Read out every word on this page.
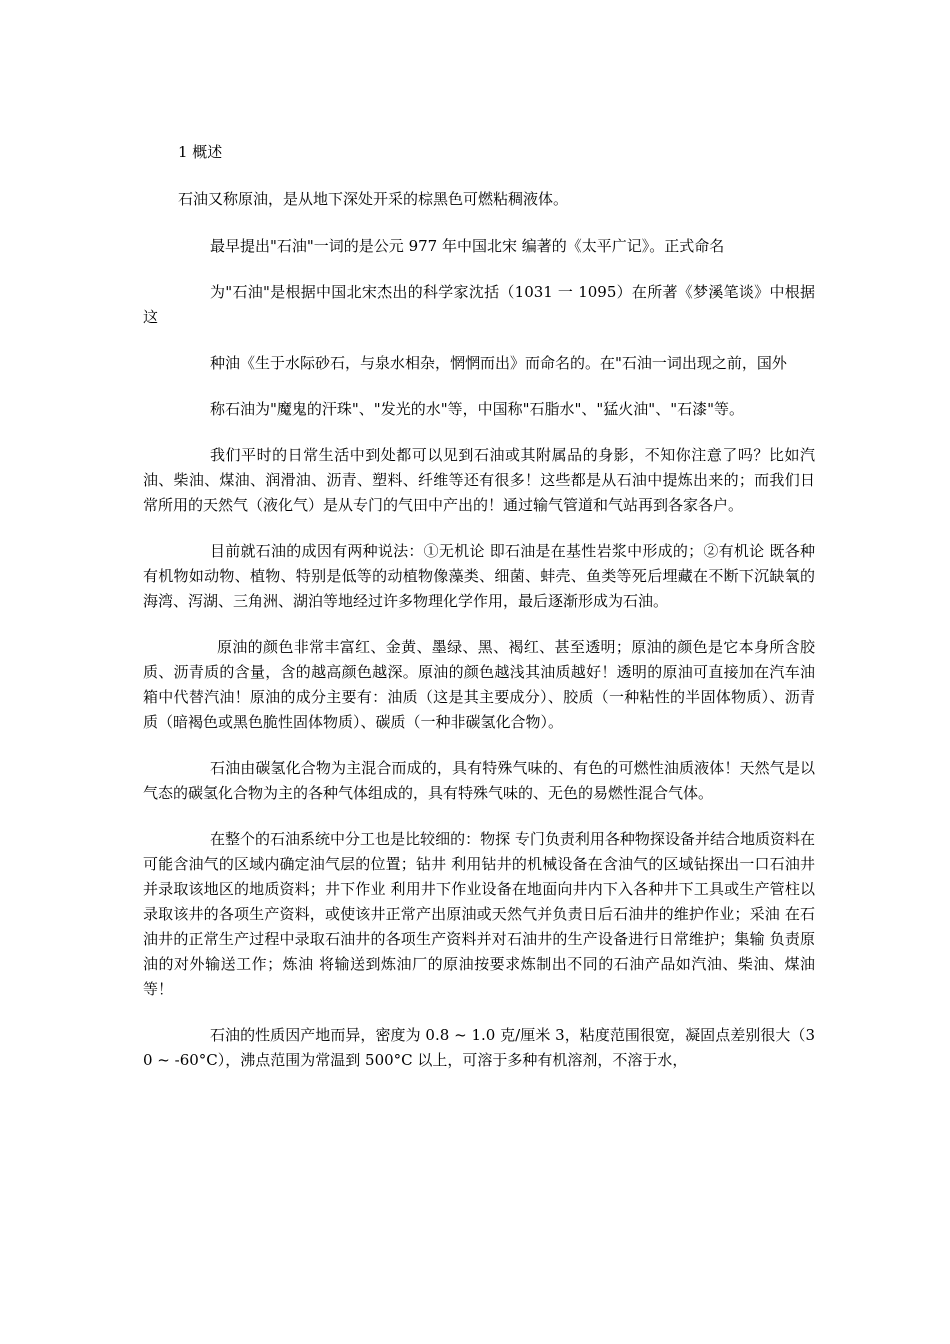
1 概述

石油又称原油，是从地下深处开采的棕黑色可燃粘稠液体。

最早提出"石油"一词的是公元 977 年中国北宋 编著的《太平广记》。正式命名

为"石油"是根据中国北宋杰出的科学家沈括（1031 一 1095）在所著《梦溪笔谈》中根据这

种油《生于水际砂石，与泉水相杂，惘惘而出》而命名的。在"石油一词出现之前，国外

称石油为"魔鬼的汗珠"、"发光的水"等，中国称"石脂水"、"猛火油"、"石漆"等。

我们平时的日常生活中到处都可以见到石油或其附属品的身影，不知你注意了吗？比如汽油、柴油、煤油、润滑油、沥青、塑料、纤维等还有很多！这些都是从石油中提炼出来的；而我们日常所用的天然气（液化气）是从专门的气田中产出的！通过输气管道和气站再到各家各户。

目前就石油的成因有两种说法：①无机论 即石油是在基性岩浆中形成的；②有机论 既各种有机物如动物、植物、特别是低等的动植物像藻类、细菌、蚌壳、鱼类等死后埋藏在不断下沉缺氧的海湾、泻湖、三角洲、湖泊等地经过许多物理化学作用，最后逐渐形成为石油。

原油的颜色非常丰富红、金黄、墨绿、黑、褐红、甚至透明；原油的颜色是它本身所含胶质、沥青质的含量，含的越高颜色越深。原油的颜色越浅其油质越好！透明的原油可直接加在汽车油箱中代替汽油！原油的成分主要有：油质（这是其主要成分）、胶质（一种粘性的半固体物质）、沥青质（暗褐色或黑色脆性固体物质）、碳质（一种非碳氢化合物）。

石油由碳氢化合物为主混合而成的，具有特殊气味的、有色的可燃性油质液体！天然气是以气态的碳氢化合物为主的各种气体组成的，具有特殊气味的、无色的易燃性混合气体。

在整个的石油系统中分工也是比较细的：物探 专门负责利用各种物探设备并结合地质资料在可能含油气的区域内确定油气层的位置；钻井 利用钻井的机械设备在含油气的区域钻探出一口石油井并录取该地区的地质资料；井下作业 利用井下作业设备在地面向井内下入各种井下工具或生产管柱以录取该井的各项生产资料，或使该井正常产出原油或天然气并负责日后石油井的维护作业；采油 在石油井的正常生产过程中录取石油井的各项生产资料并对石油井的生产设备进行日常维护；集输 负责原油的对外输送工作；炼油 将输送到炼油厂的原油按要求炼制出不同的石油产品如汽油、柴油、煤油等！

石油的性质因产地而异，密度为 0.8 ~ 1.0 克/厘米 3，粘度范围很宽，凝固点差别很大（30 ~ -60°C），沸点范围为常温到 500°C 以上，可溶于多种有机溶剂，不溶于水，
